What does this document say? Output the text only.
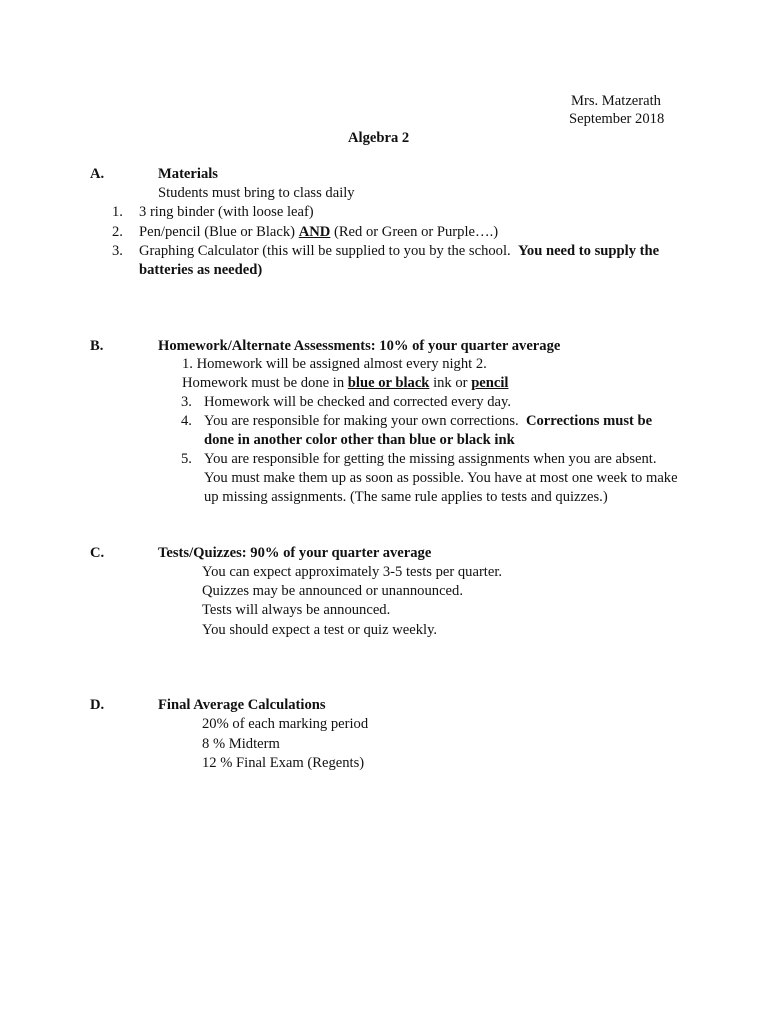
Mrs. Matzerath
September 2018
Algebra 2
A.	Materials
Students must bring to class daily
1. 3 ring binder (with loose leaf)
2. Pen/pencil (Blue or Black) AND (Red or Green or Purple….)
3. Graphing Calculator (this will be supplied to you by the school.  You need to supply the
batteries as needed)
B.	Homework/Alternate Assessments: 10% of your quarter average
1. Homework will be assigned almost every night 2.
Homework must be done in blue or black ink or pencil
3. Homework will be checked and corrected every day.
4. You are responsible for making your own corrections.  Corrections must be
done in another color other than blue or black ink
5. You are responsible for getting the missing assignments when you are absent.
You must make them up as soon as possible. You have at most one week to make
up missing assignments. (The same rule applies to tests and quizzes.)
C.	Tests/Quizzes: 90% of your quarter average
You can expect approximately 3-5 tests per quarter.
Quizzes may be announced or unannounced.
Tests will always be announced.
You should expect a test or quiz weekly.
D.	Final Average Calculations
20% of each marking period
8 % Midterm
12 % Final Exam (Regents)
